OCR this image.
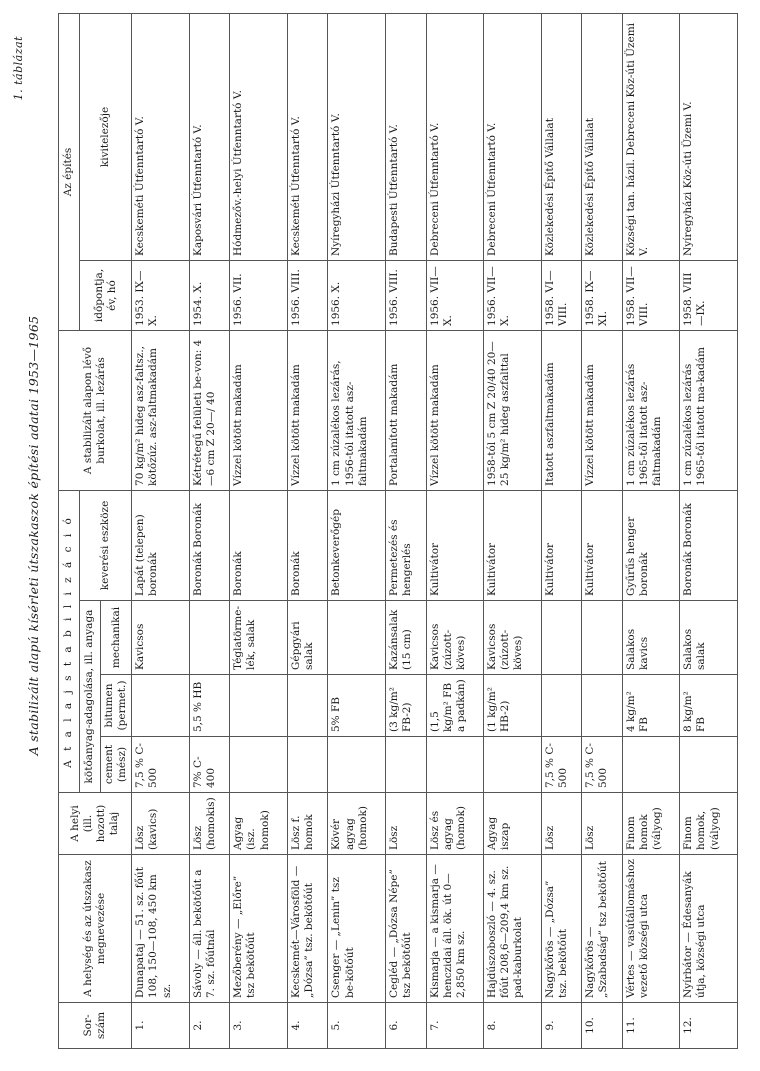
1. táblázat
A stabilizált alapú kísérleti útszakaszok építési adatai 1953—1965
Sor-szám	A helység és az útszakasz megnevezése	A helyi (ill. hozott) talaj	A t a l a j s t a b i l i z á c i ó				A stabilizált alapon lévő burkolat, ill. lezárás	Az építés	
			kötőanyag-adagolása, ill. anyaga			keverési eszköze		időpontja, év, hó	kivitelezője
			cement (mész)	bitumen (permet.)	mechanikai				
1.	Dunapataj — 51. sz. főút 108, 150—108, 450 km sz.	Lösz (kavics)	7,5 % C-500		Kavicsos	Lapát (telepen) boronák	70 kg/m² hideg asz-faltsz., kötőzúz. asz-faltmakadám	1953. IX—X.	Kecskeméti Útfenntartó V.
2.	Sávoly — áll. bekötőút a 7. sz. főútnál	Lösz (homokis)	7% C-400	5,5 % HB		Boronák Boronák	Kétrétegű felületi be-von: 4—6 cm Z 20—/ 40	1954. X.	Kaposvári Útfenntartó V.
3.	Mezőberény — „Előre” tsz bekötőút	Agyag (isz. homok)			Téglatörme-lék, salak	Boronák	Vízzel kötött makadám	1956. VII.	Hódmezőv.-helyi Útfenntartó V.
4.	Kecskemét—Városföld — „Dózsa” tsz. bekötőút	Lösz f. homok			Gépgyári salak	Boronák	Vízzel kötött makadám	1956. VIII.	Kecskeméti Útfenntartó V.
5.	Csenger — „Lenin” tsz be-kötőút	Kövér agyag (homok)		5% FB		Betonkeverőgép	1 cm zúzalékos lezárás, 1956-tól itatott asz-faltmakadám	1956. X.	Nyíregyházi Útfenntartó V.
6.	Cegléd — „Dózsa Népe” tsz bekötőút	Lösz		(3 kg/m² FB-2)	Kazánsalak (15 cm)	Permetezés és hengerlés	Portalanított makadám	1956. VIII.	Budapesti Útfenntartó V.
7.	Kismarja — a kismarja — henczidai áll. ök. út 0—2,850 km sz.	Lösz és agyag (homok)		(1,5 kg/m² FB a padkán)	Kavicsos (zúzott-köves)	Kultivátor	Vízzel kötött makadám	1956. VII—X.	Debreceni Útfenntartó V.
8.	Hajdúszoboszló — 4. sz. főút 208,6—209,4 km sz. pad-kaburkolat	Agyag iszap		(1 kg/m² HB-2)	Kavicsos (zúzott-köves)	Kultivátor	1958-tól 5 cm Z 20/40 20—25 kg/m² hideg aszfalttal	1956. VII—X.	Debreceni Útfenntartó V.
9.	Nagykőrös — „Dózsa” tsz. bekötőút	Lösz	7,5 % C-500			Kultivátor	Itatott aszfaltmakadám	1958. VI—VIII.	Közlekedési Építő Vállalat
10.	Nagykőrös — „Szabadság” tsz bekötőút	Lösz	7,5 % C-500			Kultivátor	Vízzel kötött makadám	1958. IX—XI.	Közlekedési Építő Vállalat
11.	Vértes — vasútállomáshoz vezető községi utca	Finom homok (vályog)		4 kg/m² FB	Salakos kavics	Gyűrűs henger boronák	1 cm zúzalékos lezárás 1965-től itatott asz-faltmakadám	1958. VII—VIII.	Községi tan. házil. Debreceni Köz-úti Üzemi V.
12.	Nyírbátor — Édesanyák útja, községi utca	Finom homok, (vályog)		8 kg/m² FB	Salakos salak	Boronák Boronák	1 cm zúzalékos lezárás 1965-től itatott ma-kadám	1958. VIII—IX.	Nyíregyházi Köz-úti Üzemi V.
